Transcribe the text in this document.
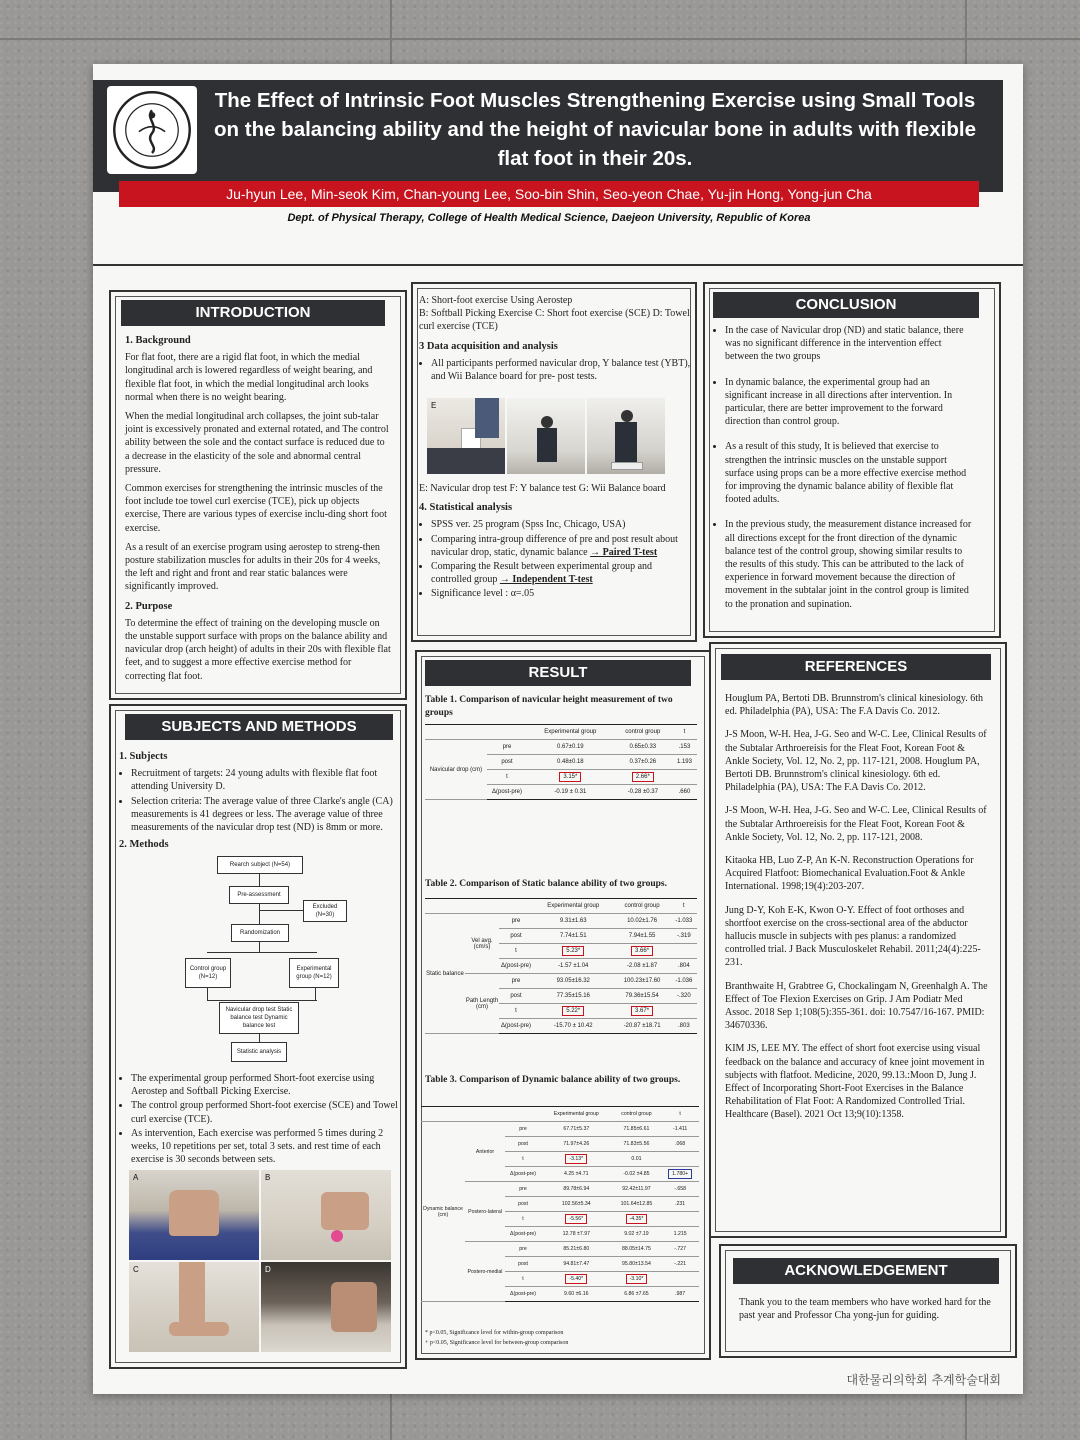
The Effect of Intrinsic Foot Muscles Strengthening Exercise using Small Tools on the balancing ability and the height of navicular bone in adults with flexible flat foot in their 20s.
Ju-hyun Lee, Min-seok Kim, Chan-young Lee, Soo-bin Shin, Seo-yeon Chae, Yu-jin Hong, Yong-jun Cha
Dept. of Physical Therapy, College of Health Medical Science, Daejeon University, Republic of Korea
INTRODUCTION
1. Background

For flat foot, there are a rigid flat foot, in which the medial longitudinal arch is lowered regardless of weight bearing, and flexible flat foot, in which the medial longitudinal arch looks normal when there is no weight bearing.

When the medial longitudinal arch collapses, the joint sub-talar joint is excessively pronated and external rotated, and The control ability between the sole and the contact surface is reduced due to a decrease in the elasticity of the sole and abnormal central pressure.

Common exercises for strengthening the intrinsic muscles of the foot include toe towel curl exercise (TCE), pick up objects exercise, There are various types of exercise inclu-ding short foot exercise.

As a result of an exercise program using aerostep to streng-then posture stabilization muscles for adults in their 20s for 4 weeks, the left and right and front and rear static balances were significantly improved.

2. Purpose

To determine the effect of training on the developing muscle on the unstable support surface with props on the balance ability and navicular drop (arch height) of adults in their 20s with flexible flat feet, and to suggest a more effective exercise method for correcting flat foot.

SUBJECTS AND METHODS
1. Subjects
• Recruitment of targets: 24 young adults with flexible flat foot attending University D.
• Selection criteria: The average value of three Clarke's angle (CA) measurements is 41 degrees or less. The average value of three measurements of the navicular drop test (ND) is 8mm or more.
2. Methods
Rearch subject (N=54)
Pre-assessment
Excluded (N=30)
Randomization
Control group (N=12)
Experimental group (N=12)
Navicular drop test Static balance test Dynamic balance test
Statistic analysis
• The experimental group performed Short-foot exercise using Aerostep and Softball Picking Exercise.
• The control group performed Short-foot exercise (SCE) and Towel curl exercise (TCE).
• As intervention, Each exercise was performed 5 times during 2 weeks, 10 repetitions per set, total 3 sets. and rest time of each exercise is 30 seconds between sets.
A	B
C	D

A: Short-foot exercise Using Aerostep

B: Softball Picking Exercise C: Short foot exercise (SCE) D: Towel curl exercise (TCE)

3 Data acquisition and analysis
• All participants performed navicular drop, Y balance test (YBT), and Wii Balance board for pre- post tests.
E

E: Navicular drop test F: Y balance test G: Wii Balance board

4. Statistical analysis
• SPSS ver. 25 program (Spss Inc, Chicago, USA)
• Comparing intra-group difference of pre and post result about navicular drop, static, dynamic balance → Paired T-test
• Comparing the Result between experimental group and controlled group → Independent T-test
• Significance level : α=.05
RESULT
Table 1. Comparison of navicular height measurement of two groups
		Experimental group	control group	t
Navicular drop (cm)	pre	0.67±0.19	0.65±0.33	.153
	post	0.48±0.18	0.37±0.26	1.193
	t	3.15*	2.66*	
	Δ(post-pre)	-0.19 ± 0.31	-0.28 ±0.37	.660
Table 2. Comparison of Static balance ability of two groups.
			Experimental group	control group	t
Static balance	Vel avg. (cm/s)	pre	9.31±1.63	10.02±1.76	-1.033
		post	7.74±1.51	7.94±1.55	-.319
		t	5.23*	3.66*	
		Δ(post-pre)	-1.57 ±1.04	-2.08 ±1.87	.804
	Path Length (cm)	pre	93.05±16.32	100.23±17.60	-1.036
		post	77.35±15.16	79.36±15.54	-.320
		t	5.22*	3.67*	
		Δ(post-pre)	-15.70 ± 10.42	-20.87 ±18.71	.803
Table 3. Comparison of Dynamic balance ability of two groups.
			Experimental group	control group	t
Dynamic balance (cm)	Anterior	pre	67.71±5.37	71.85±6.61	-1.411
		post	71.97±4.26	71.83±5.56	.068
		t	-3.13*	0.01	
		Δ(post-pre)	4.25 ±4.71	-0.02 ±4.85	1.780+
	Postero-lateral	pre	89.78±6.94	92.42±11.97	-.658
		post	102.56±5.34	101.64±12.85	.231
		t	-5.56*	-4.35*	
		Δ(post-pre)	12.78 ±7.97	9.02 ±7.19	1.215
	Postero-medial	pre	85.21±6.80	88.05±14.75	-.727
		post	94.81±7.47	95.80±13.54	-.221
		t	-5.40*	-3.10*	
		Δ(post-pre)	9.60 ±6.16	6.86 ±7.65	.987
* p<0.05, Significance level for within-group comparison
+ p<0.05, Significance level for between-group comparison
CONCLUSION
• In the case of Navicular drop (ND) and static balance, there was no significant difference in the intervention effect between the two groups
• In dynamic balance, the experimental group had an significant increase in all directions after intervention. In particular, there are better improvement to the forward direction than control group.
• As a result of this study, It is believed that exercise to strengthen the intrinsic muscles on the unstable support surface using props can be a more effective exercise method for improving the dynamic balance ability of flexible flat footed adults.
• In the previous study, the measurement distance increased for all directions except for the front direction of the dynamic balance test of the control group, showing similar results to the results of this study. This can be attributed to the lack of experience in forward movement because the direction of movement in the subtalar joint in the control group is limited to the pronation and supination.
REFERENCES

Houglum PA, Bertoti DB. Brunnstrom's clinical kinesiology. 6th ed. Philadelphia (PA), USA: The F.A Davis Co. 2012.

J-S Moon, W-H. Hea, J-G. Seo and W-C. Lee, Clinical Results of the Subtalar Arthroereisis for the Fleat Foot, Korean Foot & Ankle Society, Vol. 12, No. 2, pp. 117-121, 2008. Houglum PA, Bertoti DB. Brunnstrom's clinical kinesiology. 6th ed. Philadelphia (PA), USA: The F.A Davis Co. 2012.

J-S Moon, W-H. Hea, J-G. Seo and W-C. Lee, Clinical Results of the Subtalar Arthroereisis for the Fleat Foot, Korean Foot & Ankle Society, Vol. 12, No. 2, pp. 117-121, 2008.

Kitaoka HB, Luo Z-P, An K-N. Reconstruction Operations for Acquired Flatfoot: Biomechanical Evaluation.Foot & Ankle International. 1998;19(4):203-207.

Jung D-Y, Koh E-K, Kwon O-Y. Effect of foot orthoses and shortfoot exercise on the cross-sectional area of the abductor hallucis muscle in subjects with pes planus: a randomized controlled trial. J Back Musculoskelet Rehabil. 2011;24(4):225-231.

Branthwaite H, Grabtree G, Chockalingam N, Greenhalgh A. The Effect of Toe Flexion Exercises on Grip. J Am Podiatr Med Assoc. 2018 Sep 1;108(5):355-361. doi: 10.7547/16-167. PMID: 34670336.

KIM JS, LEE MY. The effect of short foot exercise using visual feedback on the balance and accuracy of knee joint movement in subjects with flatfoot. Medicine, 2020, 99.13.:Moon D, Jung J. Effect of Incorporating Short-Foot Exercises in the Balance Rehabilitation of Flat Foot: A Randomized Controlled Trial. Healthcare (Basel). 2021 Oct 13;9(10):1358.

ACKNOWLEDGEMENT
Thank you to the team members who have worked hard for the past year and Professor Cha yong-jun for guiding.
대한물리의학회 추계학술대회
